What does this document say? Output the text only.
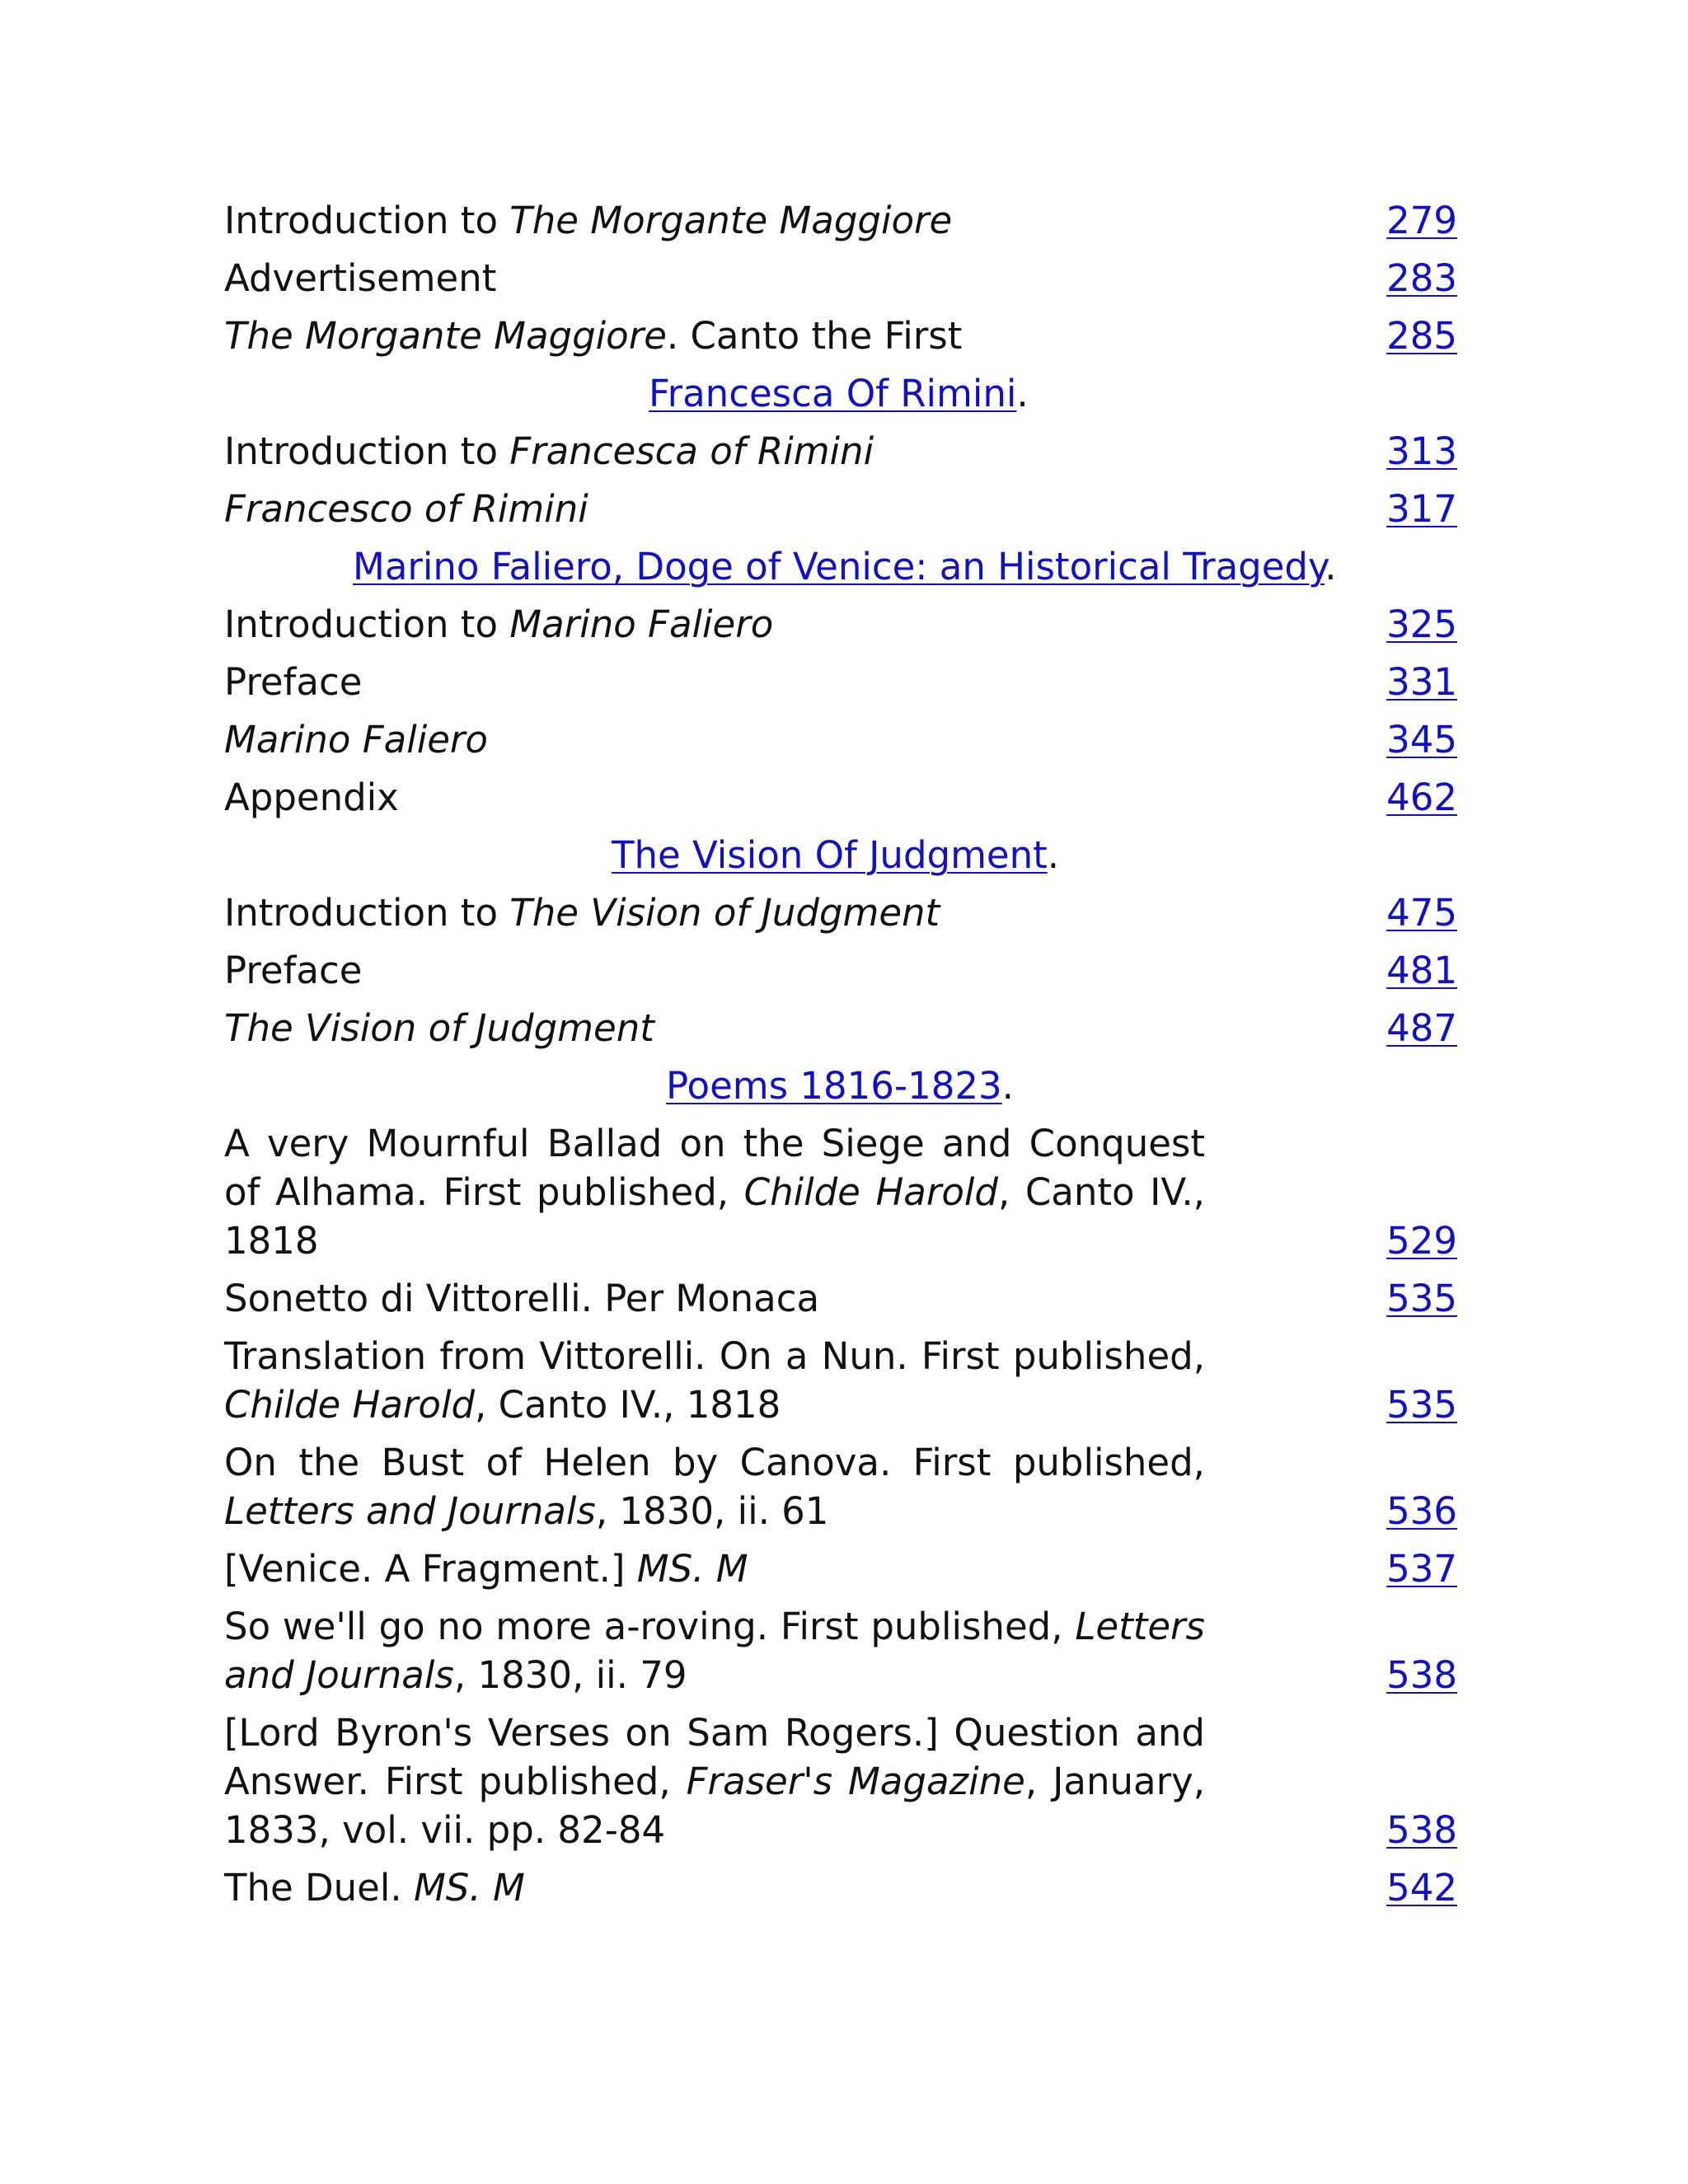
Introduction to The Morgante Maggiore	279
Advertisement	283
The Morgante Maggiore. Canto the First	285
Francesca Of Rimini.
Introduction to Francesca of Rimini	313
Francesco of Rimini	317
Marino Faliero, Doge of Venice: an Historical Tragedy.
Introduction to Marino Faliero	325
Preface	331
Marino Faliero	345
Appendix	462
The Vision Of Judgment.
Introduction to The Vision of Judgment	475
Preface	481
The Vision of Judgment	487
Poems 1816-1823.
A very Mournful Ballad on the Siege and Conquest of Alhama. First published, Childe Harold, Canto IV., 1818	529
Sonetto di Vittorelli. Per Monaca	535
Translation from Vittorelli. On a Nun. First published, Childe Harold, Canto IV., 1818	535
On the Bust of Helen by Canova. First published, Letters and Journals, 1830, ii. 61	536
[Venice. A Fragment.] MS. M	537
So we'll go no more a-roving. First published, Letters and Journals, 1830, ii. 79	538
[Lord Byron's Verses on Sam Rogers.] Question and Answer. First published, Fraser's Magazine, January, 1833, vol. vii. pp. 82-84	538
The Duel. MS. M	542
